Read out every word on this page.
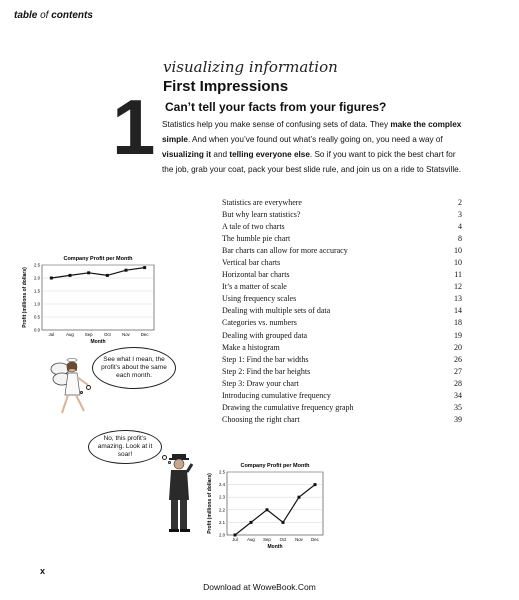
table of contents
1
visualizing information
First Impressions
Can’t tell your facts from your figures?
Statistics help you make sense of confusing sets of data. They make the complex simple. And when you’ve found out what’s really going on, you need a way of visualizing it and telling everyone else. So if you want to pick the best chart for the job, grab your coat, pack your best slide rule, and join us on a ride to Statsville.
Statistics are everywhere	2
But why learn statistics?	3
A tale of two charts	4
The humble pie chart	8
Bar charts can allow for more accuracy	10
Vertical bar charts	10
Horizontal bar charts	11
It’s a matter of scale	12
Using frequency scales	13
Dealing with multiple sets of data	14
Categories vs. numbers	18
Dealing with grouped data	19
Make a histogram	20
Step 1: Find the bar widths	26
Step 2: Find the bar heights	27
Step 3: Draw your chart	28
Introducing cumulative frequency	34
Drawing the cumulative frequency graph	35
Choosing the right chart	39
Company Profit per Month
0.0
0.5
1.0
1.5
2.0
2.5
Jul	Aug	Sep	Oct	Nov	Dec
Month
Profit (millions of dollars)
See what I mean, the profit’s about the same each month.
No, this profit’s amazing. Look at it soar!
Company Profit per Month
2.0
2.1
2.2
2.3
2.4
2.5
Jul Aug Sep Oct Nov Dec
Month
Profit (millions of dollars)
x
Download at WoweBook.Com
